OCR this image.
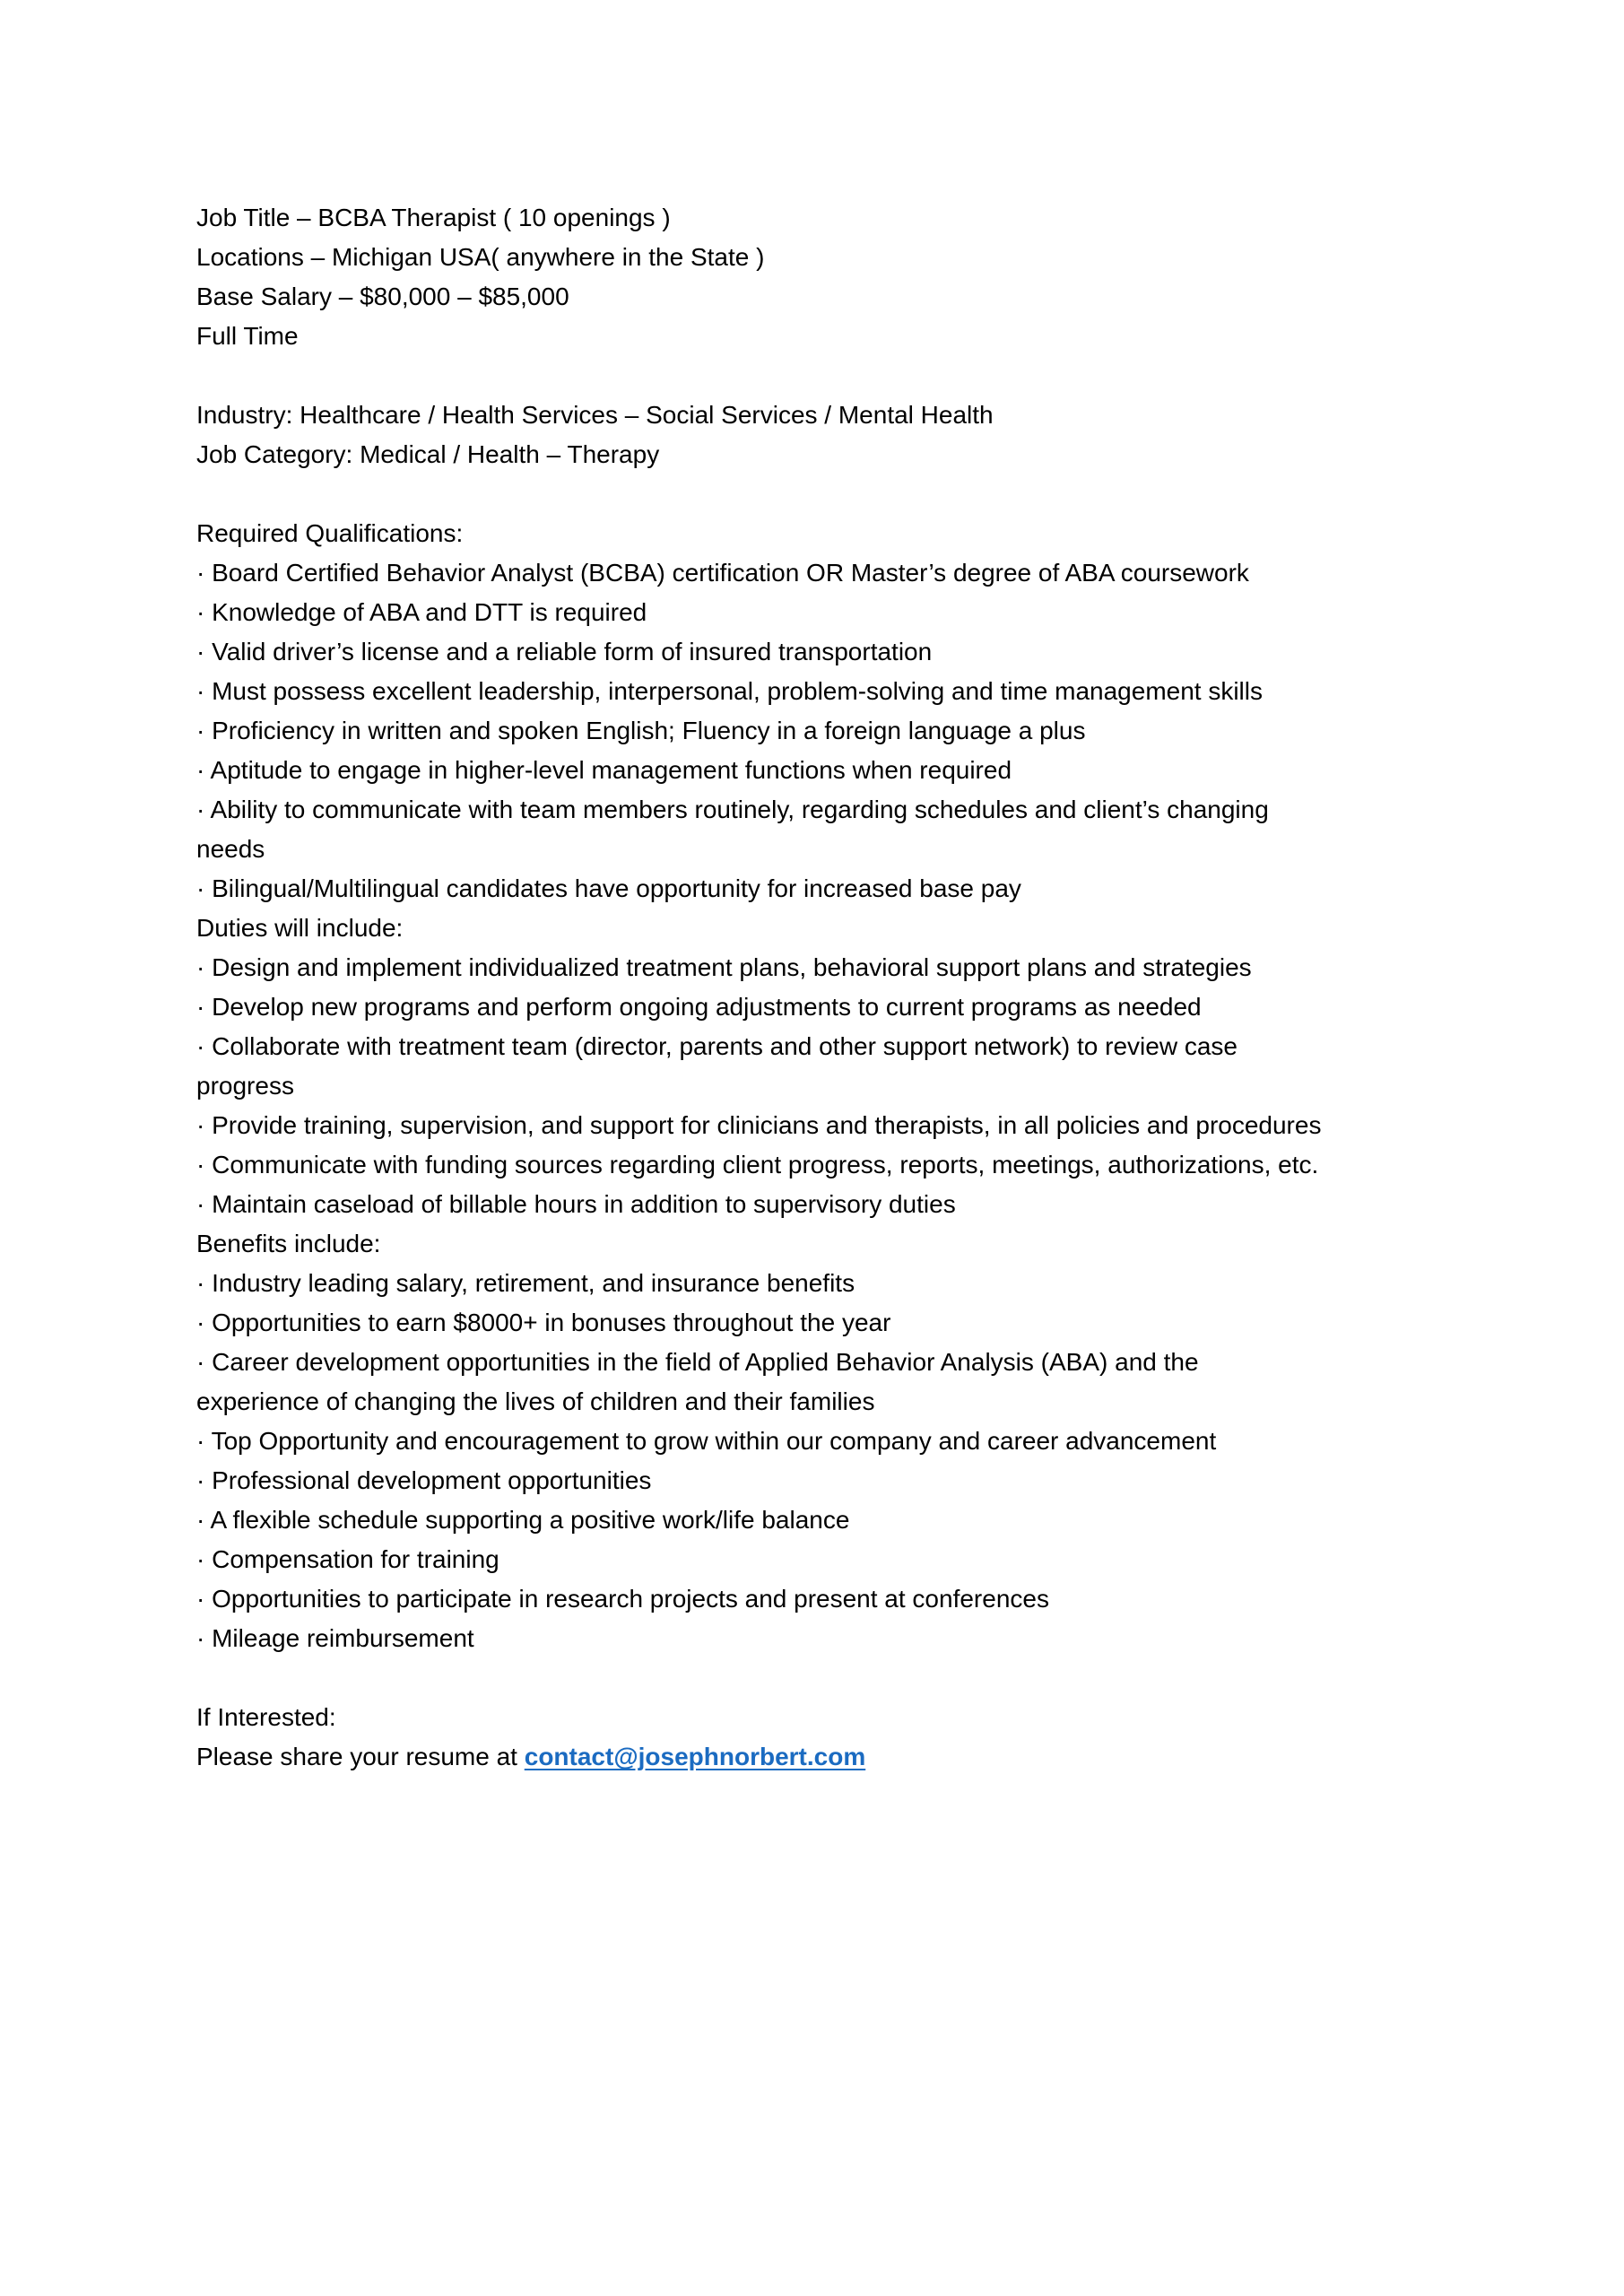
Job Title – BCBA Therapist ( 10 openings )
Locations – Michigan USA( anywhere in the State )
Base Salary – $80,000 – $85,000
Full Time

Industry: Healthcare / Health Services – Social Services / Mental Health
Job Category: Medical / Health – Therapy

Required Qualifications:
· Board Certified Behavior Analyst (BCBA) certification OR Master’s degree of ABA coursework
· Knowledge of ABA and DTT is required
· Valid driver’s license and a reliable form of insured transportation
· Must possess excellent leadership, interpersonal, problem-solving and time management skills
· Proficiency in written and spoken English; Fluency in a foreign language a plus
· Aptitude to engage in higher-level management functions when required
· Ability to communicate with team members routinely, regarding schedules and client’s changing
needs
· Bilingual/Multilingual candidates have opportunity for increased base pay
Duties will include:
· Design and implement individualized treatment plans, behavioral support plans and strategies
· Develop new programs and perform ongoing adjustments to current programs as needed
· Collaborate with treatment team (director, parents and other support network) to review case
progress
· Provide training, supervision, and support for clinicians and therapists, in all policies and procedures
· Communicate with funding sources regarding client progress, reports, meetings, authorizations, etc.
· Maintain caseload of billable hours in addition to supervisory duties
Benefits include:
· Industry leading salary, retirement, and insurance benefits
· Opportunities to earn $8000+ in bonuses throughout the year
· Career development opportunities in the field of Applied Behavior Analysis (ABA) and the
experience of changing the lives of children and their families
· Top Opportunity and encouragement to grow within our company and career advancement
· Professional development opportunities
· A flexible schedule supporting a positive work/life balance
· Compensation for training
· Opportunities to participate in research projects and present at conferences
· Mileage reimbursement

If Interested:
Please share your resume at contact@josephnorbert.com
